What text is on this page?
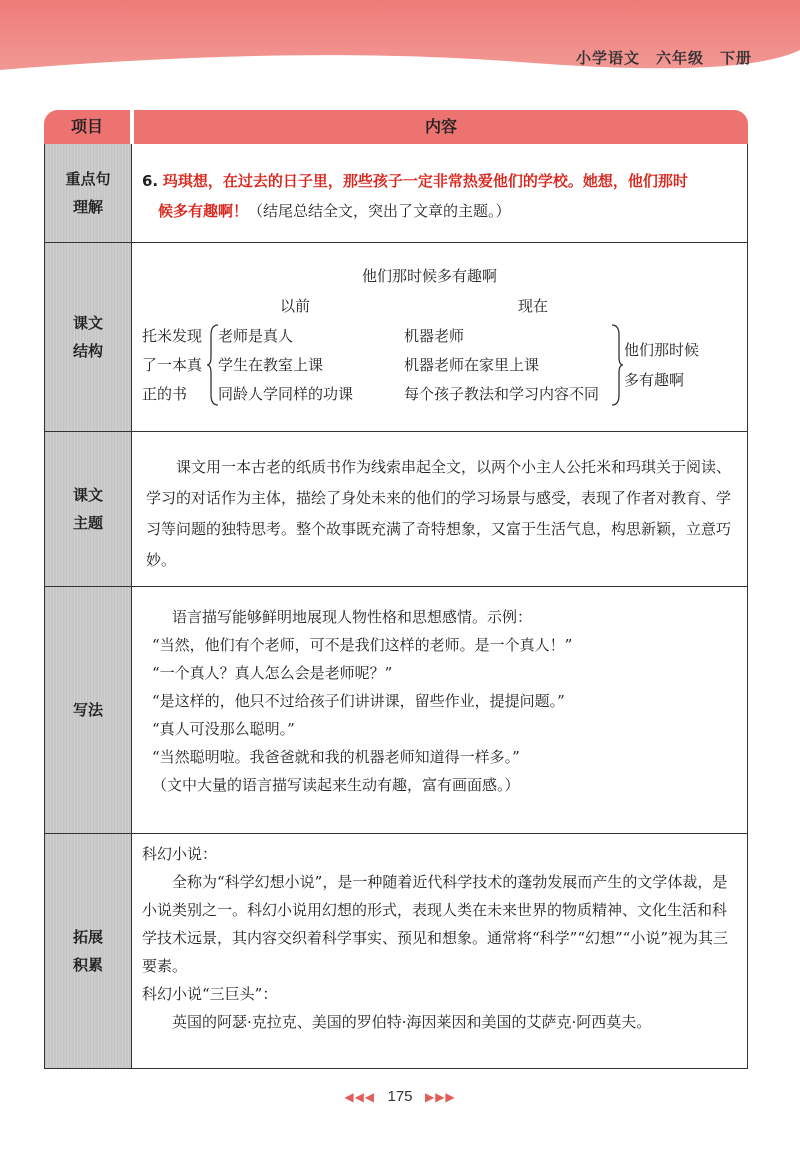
小学语文　六年级　下册
项目	内容
重点句
理解
6. 玛琪想，在过去的日子里，那些孩子一定非常热爱他们的学校。她想，他们那时
候多有趣啊！（结尾总结全文，突出了文章的主题。）
课文
结构
他们那时候多有趣啊
以前	现在
托米发现
了一本真
正的书
老师是真人
学生在教室上课
同龄人学同样的功课
机器老师
机器老师在家里上课
每个孩子教法和学习内容不同
他们那时候
多有趣啊
课文
主题
课文用一本古老的纸质书作为线索串起全文，以两个小主人公托米和玛琪关于阅读、学习的对话作为主体，描绘了身处未来的他们的学习场景与感受，表现了作者对教育、学习等问题的独特思考。整个故事既充满了奇特想象，又富于生活气息，构思新颖，立意巧妙。
写法
语言描写能够鲜明地展现人物性格和思想感情。示例：
“当然，他们有个老师，可不是我们这样的老师。是一个真人！”
“一个真人？真人怎么会是老师呢？”
“是这样的，他只不过给孩子们讲讲课，留些作业，提提问题。”
“真人可没那么聪明。”
“当然聪明啦。我爸爸就和我的机器老师知道得一样多。”
（文中大量的语言描写读起来生动有趣，富有画面感。）
拓展
积累
科幻小说：
全称为“科学幻想小说”，是一种随着近代科学技术的蓬勃发展而产生的文学体裁，是小说类别之一。科幻小说用幻想的形式，表现人类在未来世界的物质精神、文化生活和科学技术远景，其内容交织着科学事实、预见和想象。通常将“科学”“幻想”“小说”视为其三要素。
科幻小说“三巨头”：
英国的阿瑟·克拉克、美国的罗伯特·海因莱因和美国的艾萨克·阿西莫夫。
◀◀◀ 175 ▶▶▶
